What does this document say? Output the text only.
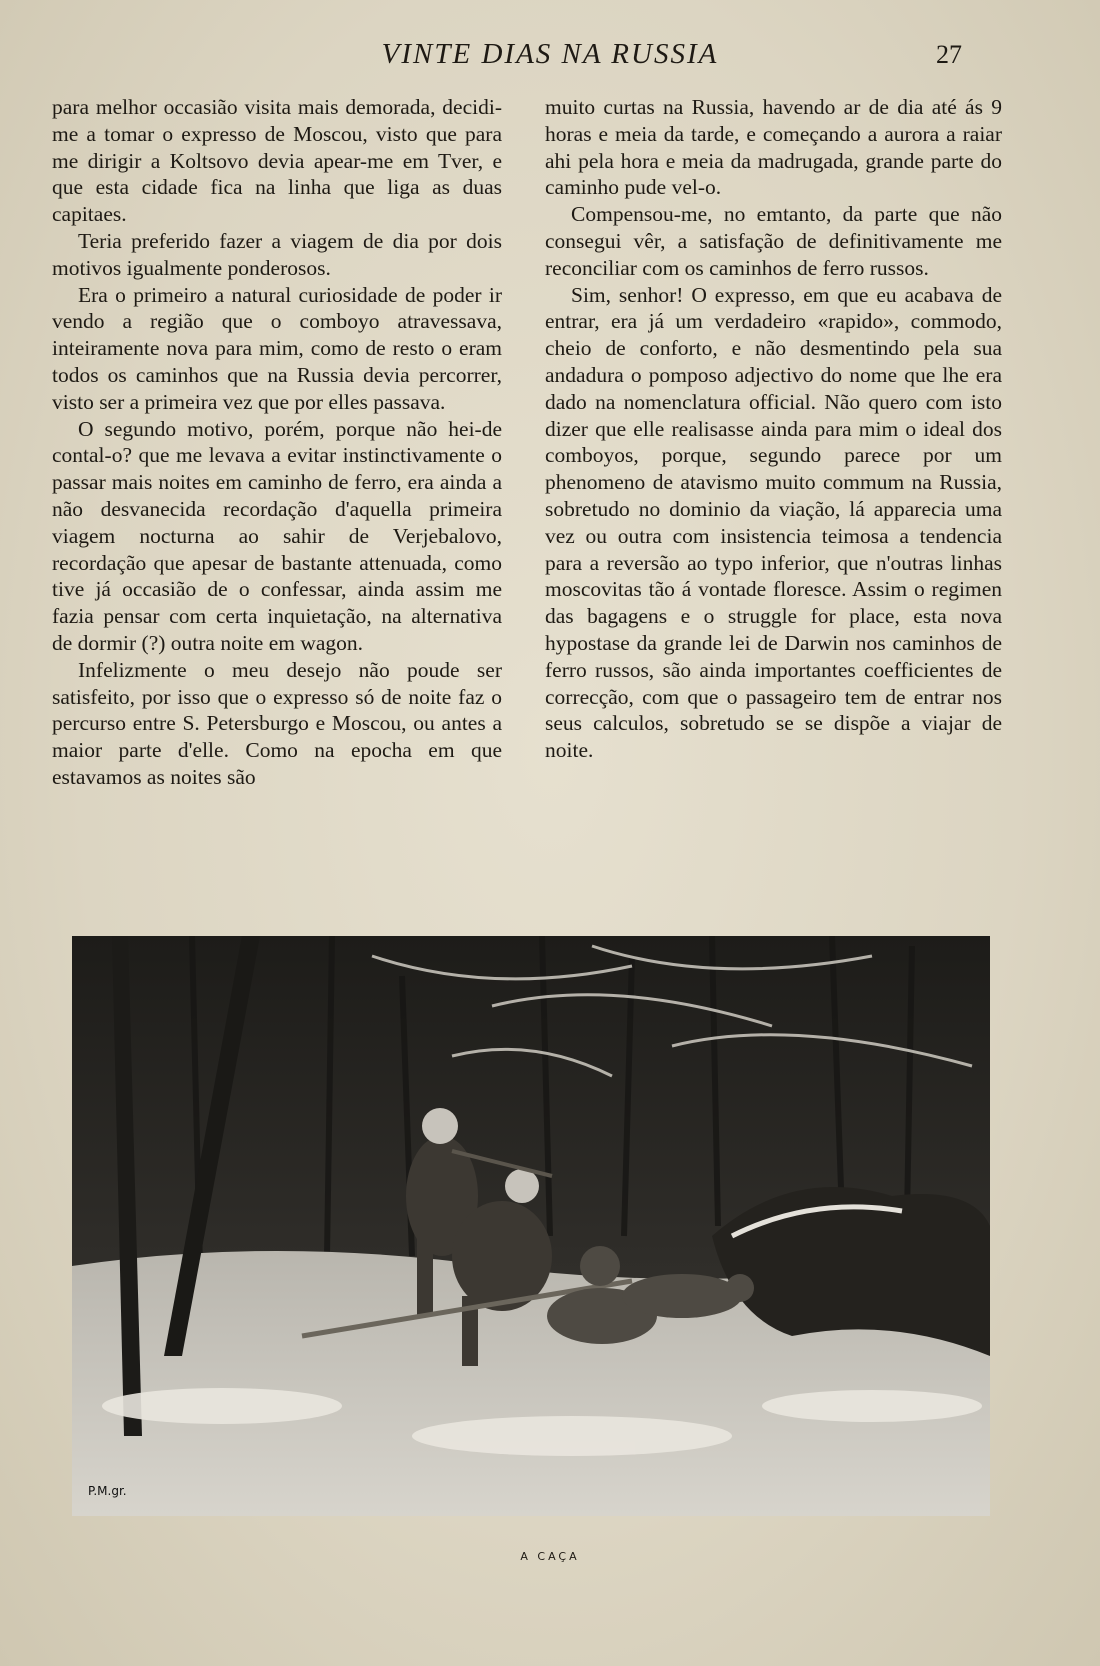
VINTE DIAS NA RUSSIA	27

para melhor occasião visita mais demorada, decidi-me a tomar o expresso de Moscou, visto que para me dirigir a Koltsovo devia apear-me em Tver, e que esta cidade fica na linha que liga as duas capitaes.

Teria preferido fazer a viagem de dia por dois motivos igualmente ponderosos.

Era o primeiro a natural curiosidade de poder ir vendo a região que o comboyo atravessava, inteiramente nova para mim, como de resto o eram todos os caminhos que na Russia devia percorrer, visto ser a primeira vez que por elles passava.

O segundo motivo, porém, porque não hei-de contal-o? que me levava a evitar instinctivamente o passar mais noites em caminho de ferro, era ainda a não desvanecida recordação d'aquella primeira viagem nocturna ao sahir de Verjebalovo, recordação que apesar de bastante attenuada, como tive já occasião de o confessar, ainda assim me fazia pensar com certa inquietação, na alternativa de dormir (?) outra noite em wagon.

Infelizmente o meu desejo não poude ser satisfeito, por isso que o expresso só de noite faz o percurso entre S. Petersburgo e Moscou, ou antes a maior parte d'elle. Como na epocha em que estavamos as noites são

muito curtas na Russia, havendo ar de dia até ás 9 horas e meia da tarde, e começando a aurora a raiar ahi pela hora e meia da madrugada, grande parte do caminho pude vel-o.

Compensou-me, no emtanto, da parte que não consegui vêr, a satisfação de definitivamente me reconciliar com os caminhos de ferro russos.

Sim, senhor! O expresso, em que eu acabava de entrar, era já um verdadeiro «rapido», commodo, cheio de conforto, e não desmentindo pela sua andadura o pomposo adjectivo do nome que lhe era dado na nomenclatura official. Não quero com isto dizer que elle realisasse ainda para mim o ideal dos comboyos, porque, segundo parece por um phenomeno de atavismo muito commum na Russia, sobretudo no dominio da viação, lá apparecia uma vez ou outra com insistencia teimosa a tendencia para a reversão ao typo inferior, que n'outras linhas moscovitas tão á vontade floresce. Assim o regimen das bagagens e o struggle for place, esta nova hypostase da grande lei de Darwin nos caminhos de ferro russos, são ainda importantes coefficientes de correcção, com que o passageiro tem de entrar nos seus calculos, sobretudo se se dispõe a viajar de noite.

P.M.gr.
A CAÇA
